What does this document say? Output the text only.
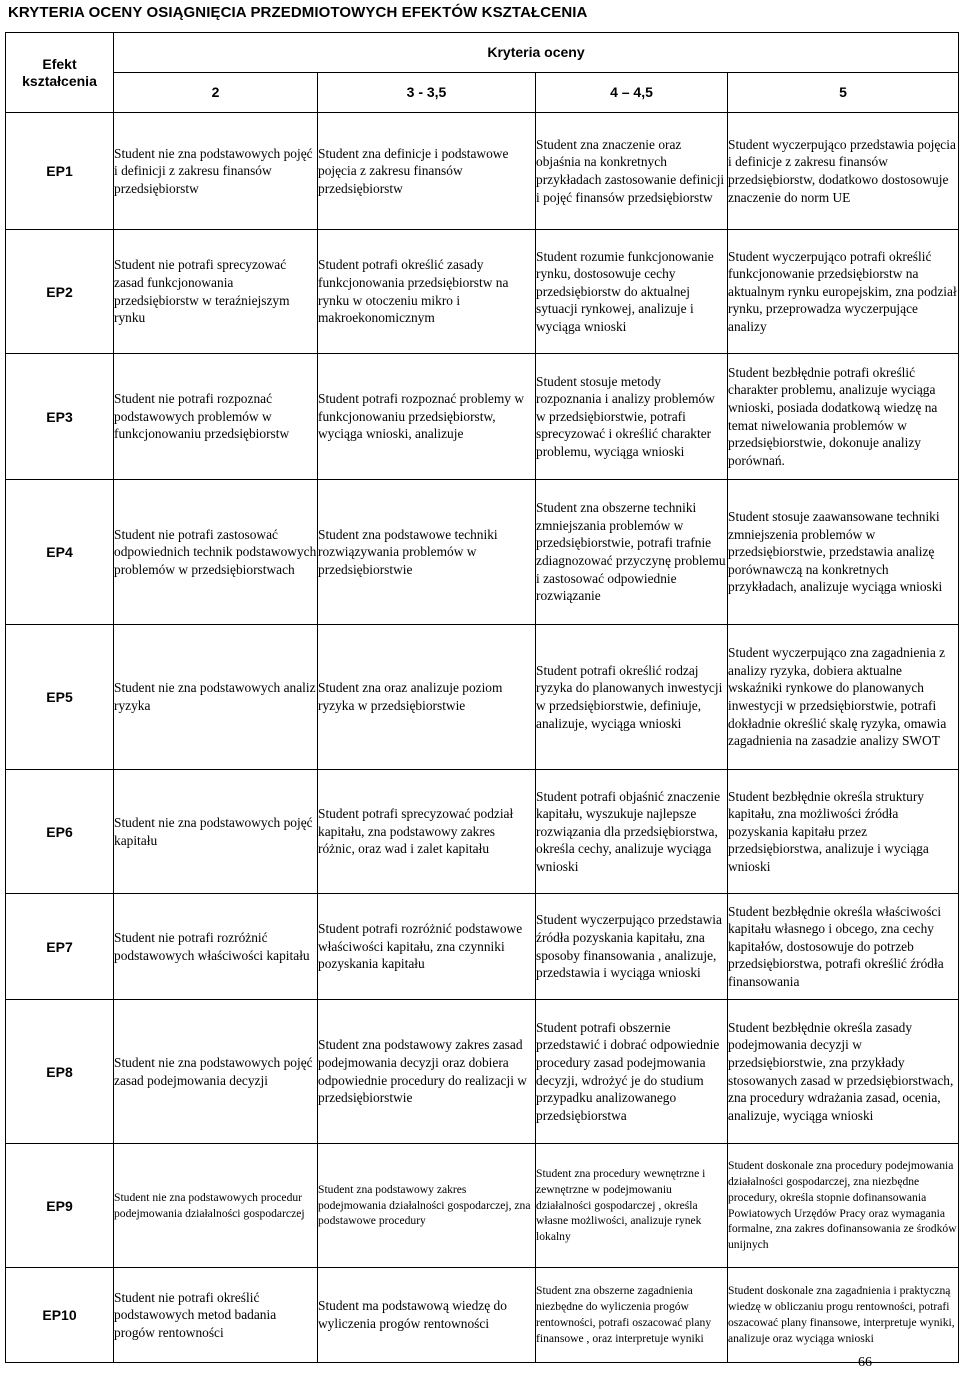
KRYTERIA OCENY OSIĄGNIĘCIA PRZEDMIOTOWYCH EFEKTÓW KSZTAŁCENIA
Efekt kształcenia	Kryteria oceny			
	2	3 - 3,5	4 – 4,5	5
EP1	Student nie zna podstawowych pojęć i definicji z zakresu finansów przedsiębiorstw	Student zna definicje i podstawowe pojęcia z zakresu finansów przedsiębiorstw	Student zna znaczenie oraz objaśnia na konkretnych przykładach zastosowanie definicji i pojęć finansów przedsiębiorstw	Student wyczerpująco przedstawia pojęcia i definicje z zakresu finansów przedsiębiorstw, dodatkowo dostosowuje znaczenie do norm UE
EP2	Student nie potrafi sprecyzować zasad funkcjonowania przedsiębiorstw w teraźniejszym rynku	Student potrafi określić zasady funkcjonowania przedsiębiorstw na rynku w otoczeniu mikro i makroekonomicznym	Student rozumie funkcjonowanie rynku, dostosowuje cechy przedsiębiorstw do aktualnej sytuacji rynkowej, analizuje i wyciąga wnioski	Student wyczerpująco potrafi określić funkcjonowanie przedsiębiorstw na aktualnym rynku europejskim, zna podział rynku, przeprowadza wyczerpujące analizy
EP3	Student nie potrafi rozpoznać podstawowych problemów w funkcjonowaniu przedsiębiorstw	Student potrafi rozpoznać problemy w funkcjonowaniu przedsiębiorstw, wyciąga wnioski, analizuje	Student stosuje metody rozpoznania i analizy problemów w przedsiębiorstwie, potrafi sprecyzować i określić charakter problemu, wyciąga wnioski	Student bezbłędnie potrafi określić charakter problemu, analizuje wyciąga wnioski, posiada dodatkową wiedzę na temat niwelowania problemów w przedsiębiorstwie, dokonuje analizy porównań.
EP4	Student nie potrafi zastosować odpowiednich technik podstawowych problemów w przedsiębiorstwach	Student zna podstawowe techniki rozwiązywania problemów w przedsiębiorstwie	Student zna obszerne techniki zmniejszania problemów w przedsiębiorstwie, potrafi trafnie zdiagnozować przyczynę problemu i zastosować odpowiednie rozwiązanie	Student stosuje zaawansowane techniki zmniejszenia problemów w przedsiębiorstwie, przedstawia analizę porównawczą na konkretnych przykładach, analizuje wyciąga wnioski
EP5	Student nie zna podstawowych analiz ryzyka	Student zna oraz analizuje poziom ryzyka w przedsiębiorstwie	Student potrafi określić rodzaj ryzyka do planowanych inwestycji w przedsiębiorstwie, definiuje, analizuje, wyciąga wnioski	Student wyczerpująco zna zagadnienia z analizy ryzyka, dobiera aktualne wskaźniki rynkowe do planowanych inwestycji w przedsiębiorstwie, potrafi dokładnie określić skalę ryzyka, omawia zagadnienia na zasadzie analizy SWOT
EP6	Student nie zna podstawowych pojęć kapitału	Student potrafi sprecyzować podział kapitału, zna podstawowy zakres różnic, oraz wad i zalet kapitału	Student potrafi objaśnić znaczenie kapitału, wyszukuje najlepsze rozwiązania dla przedsiębiorstwa, określa cechy, analizuje wyciąga wnioski	Student bezbłędnie określa struktury kapitału, zna możliwości źródła pozyskania kapitału przez przedsiębiorstwa, analizuje i wyciąga wnioski
EP7	Student nie potrafi rozróżnić podstawowych właściwości kapitału	Student potrafi rozróżnić podstawowe właściwości kapitału, zna czynniki pozyskania kapitału	Student wyczerpująco przedstawia źródła pozyskania kapitału, zna sposoby finansowania , analizuje, przedstawia i wyciąga wnioski	Student bezbłędnie określa właściwości kapitału własnego i obcego, zna cechy kapitałów, dostosowuje do potrzeb przedsiębiorstwa, potrafi określić źródła finansowania
EP8	Student nie zna podstawowych pojęć zasad podejmowania decyzji	Student zna podstawowy zakres zasad podejmowania decyzji oraz dobiera odpowiednie procedury do realizacji w przedsiębiorstwie	Student potrafi obszernie przedstawić i dobrać odpowiednie procedury zasad podejmowania decyzji, wdrożyć je do studium przypadku analizowanego przedsiębiorstwa	Student bezbłędnie określa zasady podejmowania decyzji w przedsiębiorstwie, zna przykłady stosowanych zasad w przedsiębiorstwach, zna procedury wdrażania zasad, ocenia, analizuje, wyciąga wnioski
EP9	Student nie zna podstawowych procedur podejmowania działalności gospodarczej	Student zna podstawowy zakres podejmowania działalności gospodarczej, zna podstawowe procedury	Student zna procedury wewnętrzne i zewnętrzne w podejmowaniu działalności gospodarczej , określa własne możliwości, analizuje rynek lokalny	Student doskonale zna procedury podejmowania działalności gospodarczej, zna niezbędne procedury, określa stopnie dofinansowania Powiatowych Urzędów Pracy oraz wymagania formalne, zna zakres dofinansowania ze środków unijnych
EP10	Student nie potrafi określić podstawowych metod badania progów rentowności	Student ma podstawową wiedzę do wyliczenia progów rentowności	Student zna obszerne zagadnienia niezbędne do wyliczenia progów rentowności, potrafi oszacować plany finansowe , oraz interpretuje wyniki	Student doskonale zna zagadnienia i praktyczną wiedzę w obliczaniu progu rentowności, potrafi oszacować plany finansowe, interpretuje wyniki, analizuje oraz wyciąga wnioski
66
